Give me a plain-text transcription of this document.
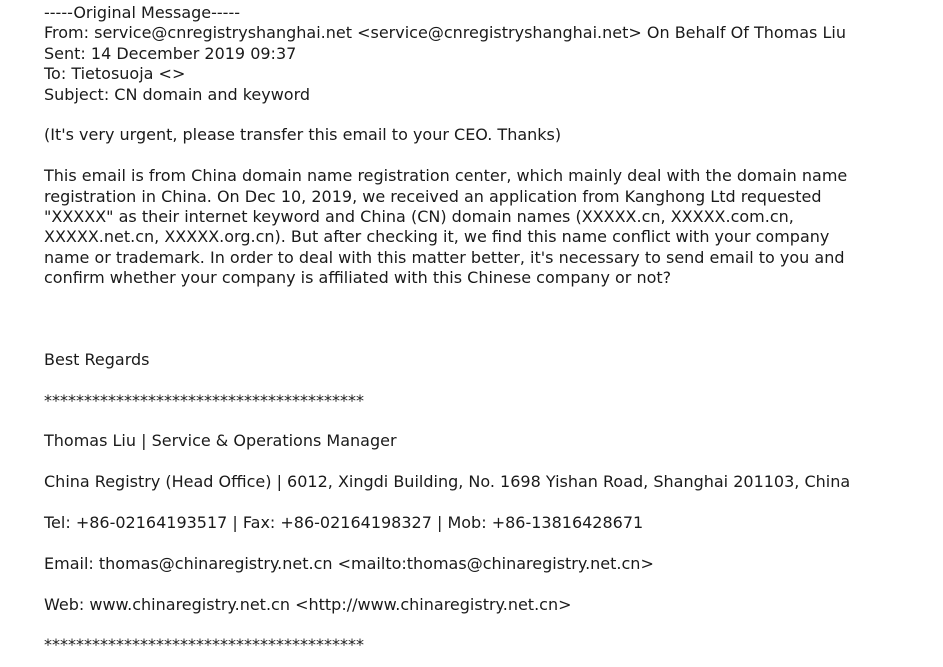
-----Original Message-----
From: service@cnregistryshanghai.net <service@cnregistryshanghai.net> On Behalf Of Thomas Liu
Sent: 14 December 2019 09:37
To: Tietosuoja <>
Subject: CN domain and keyword
(It's very urgent, please transfer this email to your CEO. Thanks)
This email is from China domain name registration center, which mainly deal with the domain name
registration in China. On Dec 10, 2019, we received an application from Kanghong Ltd requested
"XXXXX" as their internet keyword and China (CN) domain names (XXXXX.cn, XXXXX.com.cn,
XXXXX.net.cn, XXXXX.org.cn). But after checking it, we find this name conflict with your company
name or trademark. In order to deal with this matter better, it's necessary to send email to you and
confirm whether your company is affiliated with this Chinese company or not?
Best Regards
****************************************
Thomas Liu | Service & Operations Manager
China Registry (Head Office) | 6012, Xingdi Building, No. 1698 Yishan Road, Shanghai 201103, China
Tel: +86-02164193517 | Fax: +86-02164198327 | Mob: +86-13816428671
Email: thomas@chinaregistry.net.cn <mailto:thomas@chinaregistry.net.cn>
Web: www.chinaregistry.net.cn <http://www.chinaregistry.net.cn>
****************************************
